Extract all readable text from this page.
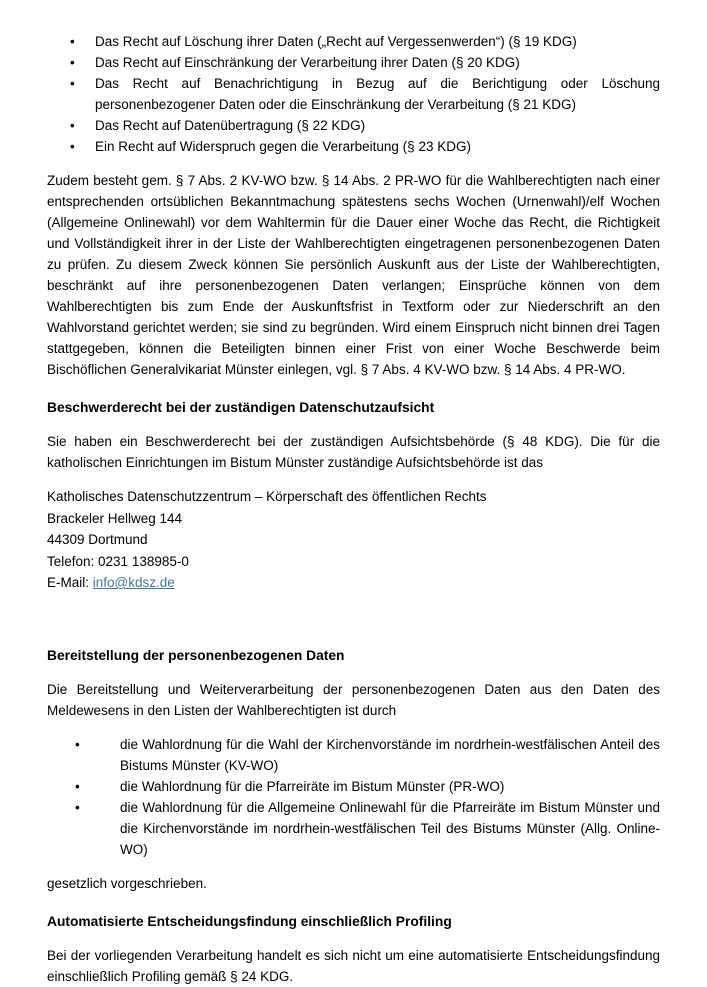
• Das Recht auf Löschung ihrer Daten („Recht auf Vergessenwerden“) (§ 19 KDG)
• Das Recht auf Einschränkung der Verarbeitung ihrer Daten (§ 20 KDG)
• Das Recht auf Benachrichtigung in Bezug auf die Berichtigung oder Löschung personenbezogener Daten oder die Einschränkung der Verarbeitung (§ 21 KDG)
• Das Recht auf Datenübertragung (§ 22 KDG)
• Ein Recht auf Widerspruch gegen die Verarbeitung (§ 23 KDG)

Zudem besteht gem. § 7 Abs. 2 KV-WO bzw. § 14 Abs. 2 PR-WO für die Wahlberechtigten nach einer entsprechenden ortsüblichen Bekanntmachung spätestens sechs Wochen (Urnenwahl)/elf Wochen (Allgemeine Onlinewahl) vor dem Wahltermin für die Dauer einer Woche das Recht, die Richtigkeit und Vollständigkeit ihrer in der Liste der Wahlberechtigten eingetragenen personenbezogenen Daten zu prüfen. Zu diesem Zweck können Sie persönlich Auskunft aus der Liste der Wahlberechtigten, beschränkt auf ihre personenbezogenen Daten verlangen; Einsprüche können von dem Wahlberechtigten bis zum Ende der Auskunftsfrist in Textform oder zur Niederschrift an den Wahlvorstand gerichtet werden; sie sind zu begründen. Wird einem Einspruch nicht binnen drei Tagen stattgegeben, können die Beteiligten binnen einer Frist von einer Woche Beschwerde beim Bischöflichen Generalvikariat Münster einlegen, vgl. § 7 Abs. 4 KV-WO bzw. § 14 Abs. 4 PR-WO.

Beschwerderecht bei der zuständigen Datenschutzaufsicht

Sie haben ein Beschwerderecht bei der zuständigen Aufsichtsbehörde (§ 48 KDG). Die für die katholischen Einrichtungen im Bistum Münster zuständige Aufsichtsbehörde ist das

Katholisches Datenschutzzentrum – Körperschaft des öffentlichen Rechts
Brackeler Hellweg 144
44309 Dortmund
Telefon: 0231 138985-0
E-Mail: info@kdsz.de
Bereitstellung der personenbezogenen Daten

Die Bereitstellung und Weiterverarbeitung der personenbezogenen Daten aus den Daten des Meldewesens in den Listen der Wahlberechtigten ist durch

• die Wahlordnung für die Wahl der Kirchenvorstände im nordrhein-westfälischen Anteil des Bistums Münster (KV-WO)
• die Wahlordnung für die Pfarreiräte im Bistum Münster (PR-WO)
• die Wahlordnung für die Allgemeine Onlinewahl für die Pfarreiräte im Bistum Münster und die Kirchenvorstände im nordrhein-westfälischen Teil des Bistums Münster (Allg. Online-WO)

gesetzlich vorgeschrieben.

Automatisierte Entscheidungsfindung einschließlich Profiling

Bei der vorliegenden Verarbeitung handelt es sich nicht um eine automatisierte Entscheidungsfindung einschließlich Profiling gemäß § 24 KDG.
